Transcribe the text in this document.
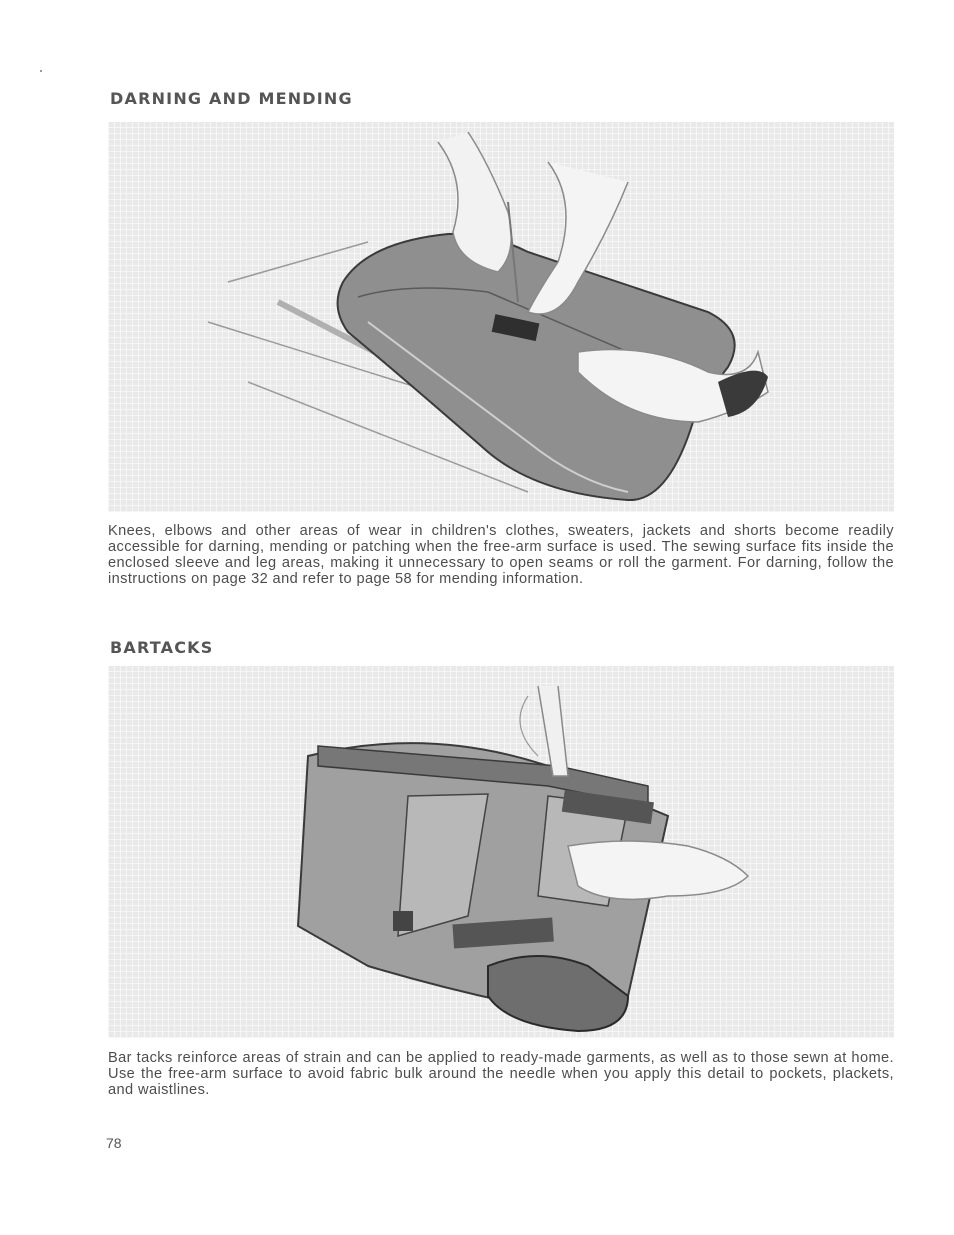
DARNING AND MENDING
Knees, elbows and other areas of wear in children's clothes, sweaters, jackets and shorts become readily accessible for darning, mending or patching when the free-arm surface is used. The sewing surface fits inside the enclosed sleeve and leg areas, making it unnecessary to open seams or roll the garment. For darning, follow the instructions on page 32 and refer to page 58 for mending information.
BARTACKS
Bar tacks reinforce areas of strain and can be applied to ready-made garments, as well as to those sewn at home. Use the free-arm surface to avoid fabric bulk around the needle when you apply this detail to pockets, plackets, and waistlines.
78
